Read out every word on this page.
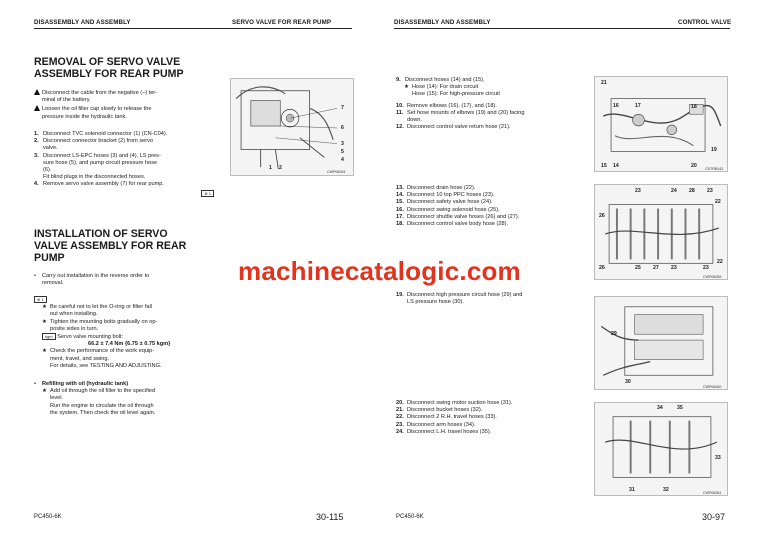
DISASSEMBLY AND ASSEMBLY	SERVO VALVE FOR REAR PUMP
REMOVAL OF SERVO VALVE
ASSEMBLY FOR REAR PUMP
Disconnect the cable from the negative (–) ter-
minal of the battery.
Loosen the oil filler cap slowly to release the
pressure inside the hydraulic tank.
1. Disconnect TVC solenoid connector (1) (CN-C04).
2. Disconnect connector bracket (2) from servo
valve.
3. Disconnect LS-EPC hoses (3) and (4), LS pres-
sure hose (5), and pump circuit pressure hose
(6).
Fit blind plugs in the disconnected hoses.
4. Remove servo valve assembly (7) for rear pump.
※ 1
7
6
3
5
4
1 2
CWP06264
INSTALLATION OF SERVO
VALVE ASSEMBLY FOR REAR
PUMP
• Carry out installation in the reverse order to
removal.
※ 1
★ Be careful not to let the O-ring or filter fall
out when installing.
★ Tighten the mounting bolts gradually on op-
posite sides in turn.
kgm Servo valve mounting bolt:
66.2 ± 7.4 Nm {6.75 ± 0.75 kgm}
★ Check the performance of the work equip-
ment, travel, and swing.
For details, see TESTING AND ADJUSTING.
• Refilling with oil (hydraulic tank)
★ Add oil through the oil filler to the specified
level.
Run the engine to circulate the oil through
the system. Then check the oil level again.
PC450-6K	30-115
DISASSEMBLY AND ASSEMBLY	CONTROL VALVE
9. Disconnect hoses (14) and (15).
★ Hose (14): For drain circuit
Hose (15): For high-pressure circuit
10. Remove elbows (16), (17), and (18).
11. Set hose mounts of elbows (19) and (20) facing
down.
12. Disconnect control valve return hose (21).
21
16	17	18
19
15 14	20 CD7RB143
13. Disconnect drain hose (22).
14. Disconnect 10 top PPC hoses (23).
15. Disconnect safety valve hose (24).
16. Disconnect swing solenoid hose (25).
17. Disconnect shuttle valve hoses (26) and (27).
18. Disconnect control valve body hose (28).
23	24 28 23
22
26
25 27 23	23
22
26
CWP06259
19. Disconnect high pressure circuit hose (29) and
LS pressure hose (30).
29
30
CWP06260
20. Disconnect swing motor suction hose (31).
21. Disconnect bucket hoses (32).
22. Disconnect 2 R.H. travel hoses (33).
23. Disconnect arm hoses (34).
24. Disconnect L.H. travel hoses (35).
34	35
33
31	32	CWP06261
PC450-6K	30-97
machinecatalogic.com
